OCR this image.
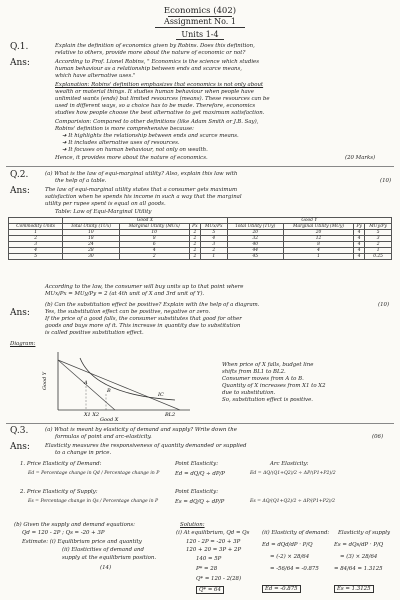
Economics (402)
Assignment No. 1
Units 1-4
Q.1.
Ans:
Explain the definition of economics given by Robins. Does this definition,
relative to others, provide more about the nature of economic or not?
According to Prof. Lionel Robins, " Economics is the science which studies
human behaviour as a relationship between ends and scarce means,
which have alternative uses."
Explanation: Robins' definition emphasizes that economics is not only about
wealth or material things. It studies human behaviour when people have
unlimited wants (ends) but limited resources (means). These resources can be
used in different ways, so a choice has to be made. Therefore, economics
studies how people choose the best alternative to get maximum satisfaction.
Comparision: Compared to other definitions (like Adam Smith or J.B. Say),
Robins' definition is more comprehensive because:
➔ It highlights the relationship between ends and scarce means.
➔ It includes alternative uses of resources.
➔ It focuses on human behaviour, not only on wealth.
Hence, it provides more about the nature of economics.	(20 Marks)
Q.2.
Ans:
(a) What is the law of equi-marginal utility? Also, explain this law with
the help of a table.	(10)
The law of equi-marginal utility states that a consumer gets maximum
satisfaction when he spends his income in such a way that the marginal
utility per rupee spent is equal on all goods.
Table: Law of Equi-Marginal Utility
	Good X				Good Y			
Commodity Units	Total Utility (TUx)	Marginal Utility (MUx)	Px	MUx/Px	Total Utility (TUy)	Marginal Utility (MUy)	Py	MUy/Py
1	10	10	2	5	20	20	4	5
2	18	8	2	4	32	12	4	3
3	24	6	2	3	40	8	4	2
4	28	4	2	2	44	4	4	1
5	30	2	2	1	45	1	4	0.25
According to the law, the consumer will buy units up to that point where
MUx/Px = MUy/Py = 2 (at 4th unit of X and 3rd unit of Y).
(b) Can the substitution effect be positive? Explain with the help of a diagram.	(10)
Ans:	Yes, the substitution effect can be positive, negative or zero.
If the price of a good falls, the consumer substitutes that good for other
goods and buys more of it. This increase in quantity due to substitution
is called positive substitution effect.
Diagram:
A
B
IC
BL2
X1 X2
Good X
Good Y
When price of X falls, budget line
shifts from BL1 to BL2.
Consumer moves from A to B.
Quantity of X increases from X1 to X2
due to substitution.
So, substitution effect is positive.
Q.3.
Ans:
(a) What is meant by elasticity of demand and supply? Write down the
formulas of point and arc-elasticity.	(06)
Elasticity measures the responsiveness of quantity demanded or supplied
to a change in price.
1. Price Elasticity of Demand:
Ed = Percentage change in Qd / Percentage change in P
2. Price Elasticity of Supply:
Es = Percentage change in Qs / Percentage change in P
Point Elasticity:
Ed = dQ/Q ÷ dP/P
Point Elasticity:
Es = dQ/Q ÷ dP/P
Arc Elasticity:
Ed = ΔQ/(Q1+Q2)/2 ÷ ΔP/(P1+P2)/2
Es = ΔQ/(Q1+Q2)/2 ÷ ΔP/(P1+P2)/2
(b) Given the supply and demand equations:
Qd = 120 - 2P ; Qs = -20 + 3P
Estimate: (i) Equilibrium price and quantity
(ii) Elasticities of demand and
supply at the equilibrium position.
(14)
Solution:
(i) At equilibrium, Qd = Qs
120 - 2P = -20 + 3P
120 + 20 = 3P + 2P
140 = 5P
P* = 28
Q* = 120 - 2(28)
Q* = 64
(ii) Elasticity of demand:
Ed = dQd/dP · P/Q
= (-2) × 28/64
= -56/64 = -0.875
Ed = -0.875
Elasticity of supply
Es = dQs/dP · P/Q
= (3) × 28/64
= 84/64 = 1.3125
Es = 1.3125
